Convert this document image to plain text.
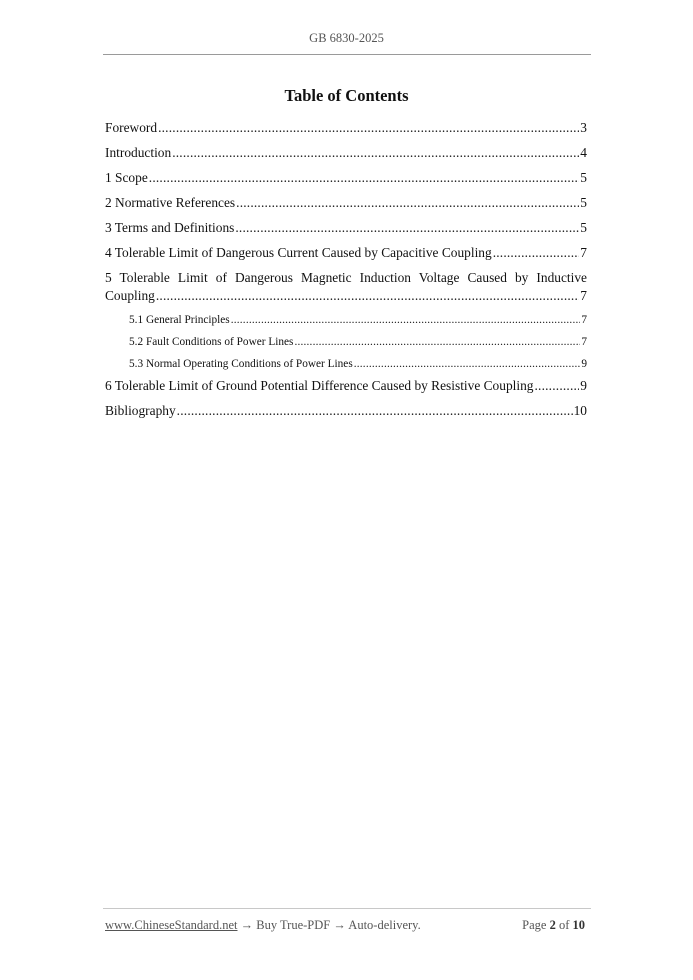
GB 6830-2025
Table of Contents
Foreword .....	3
Introduction .....	4
1 Scope .....	5
2 Normative References .....	5
3 Terms and Definitions .....	5
4 Tolerable Limit of Dangerous Current Caused by Capacitive Coupling .....	7
5 Tolerable Limit of Dangerous Magnetic Induction Voltage Caused by Inductive
Coupling .....	7
5.1 General Principles .....	7
5.2 Fault Conditions of Power Lines .....	7
5.3 Normal Operating Conditions of Power Lines .....	9
6 Tolerable Limit of Ground Potential Difference Caused by Resistive Coupling .....	9
Bibliography .....	10
www.ChineseStandard.net → Buy True-PDF → Auto-delivery.	Page 2 of 10
